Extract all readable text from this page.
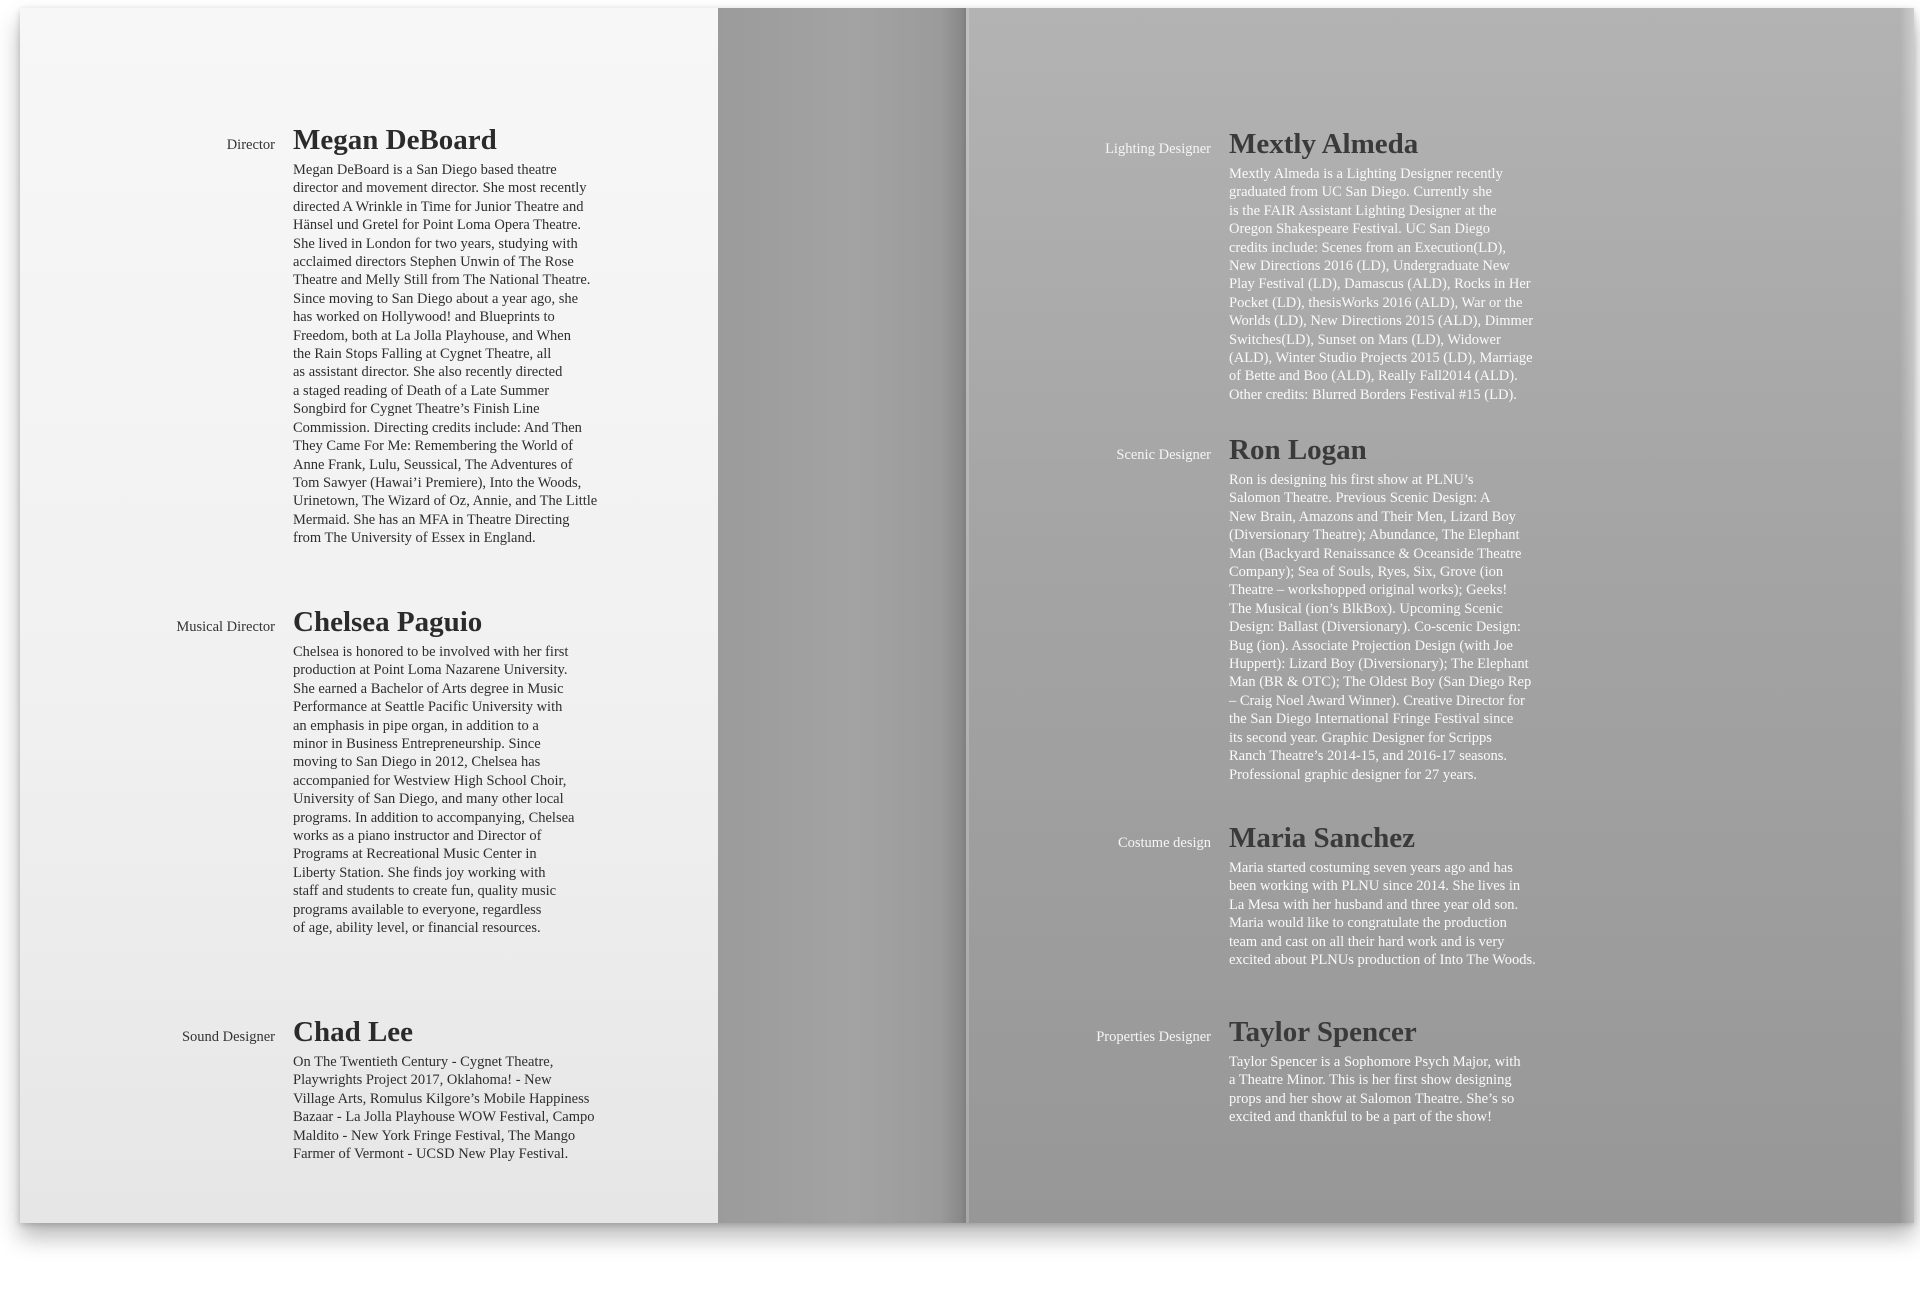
Director Megan DeBoard

Megan DeBoard is a San Diego based theatre
director and movement director. She most recently
directed A Wrinkle in Time for Junior Theatre and
Hänsel und Gretel for Point Loma Opera Theatre.
She lived in London for two years, studying with
acclaimed directors Stephen Unwin of The Rose
Theatre and Melly Still from The National Theatre.
Since moving to San Diego about a year ago, she
has worked on Hollywood! and Blueprints to
Freedom, both at La Jolla Playhouse, and When
the Rain Stops Falling at Cygnet Theatre, all
as assistant director. She also recently directed
a staged reading of Death of a Late Summer
Songbird for Cygnet Theatre’s Finish Line
Commission. Directing credits include: And Then
They Came For Me: Remembering the World of
Anne Frank, Lulu, Seussical, The Adventures of
Tom Sawyer (Hawai’i Premiere), Into the Woods,
Urinetown, The Wizard of Oz, Annie, and The Little
Mermaid. She has an MFA in Theatre Directing
from The University of Essex in England.

Musical Director Chelsea Paguio

Chelsea is honored to be involved with her first
production at Point Loma Nazarene University.
She earned a Bachelor of Arts degree in Music
Performance at Seattle Pacific University with
an emphasis in pipe organ, in addition to a
minor in Business Entrepreneurship. Since
moving to San Diego in 2012, Chelsea has
accompanied for Westview High School Choir,
University of San Diego, and many other local
programs. In addition to accompanying, Chelsea
works as a piano instructor and Director of
Programs at Recreational Music Center in
Liberty Station. She finds joy working with
staff and students to create fun, quality music
programs available to everyone, regardless
of age, ability level, or financial resources.

Sound Designer Chad Lee

On The Twentieth Century - Cygnet Theatre,
Playwrights Project 2017, Oklahoma! - New
Village Arts, Romulus Kilgore’s Mobile Happiness
Bazaar - La Jolla Playhouse WOW Festival, Campo
Maldito - New York Fringe Festival, The Mango
Farmer of Vermont - UCSD New Play Festival.

Lighting Designer Mextly Almeda

Mextly Almeda is a Lighting Designer recently
graduated from UC San Diego. Currently she
is the FAIR Assistant Lighting Designer at the
Oregon Shakespeare Festival. UC San Diego
credits include: Scenes from an Execution(LD),
New Directions 2016 (LD), Undergraduate New
Play Festival (LD), Damascus (ALD), Rocks in Her
Pocket (LD), thesisWorks 2016 (ALD), War or the
Worlds (LD), New Directions 2015 (ALD), Dimmer
Switches(LD), Sunset on Mars (LD), Widower
(ALD), Winter Studio Projects 2015 (LD), Marriage
of Bette and Boo (ALD), Really Fall2014 (ALD).
Other credits: Blurred Borders Festival #15 (LD).

Scenic Designer Ron Logan

Ron is designing his first show at PLNU’s
Salomon Theatre. Previous Scenic Design: A
New Brain, Amazons and Their Men, Lizard Boy
(Diversionary Theatre); Abundance, The Elephant
Man (Backyard Renaissance & Oceanside Theatre
Company); Sea of Souls, Ryes, Six, Grove (ion
Theatre – workshopped original works); Geeks!
The Musical (ion’s BlkBox). Upcoming Scenic
Design: Ballast (Diversionary). Co-scenic Design:
Bug (ion). Associate Projection Design (with Joe
Huppert): Lizard Boy (Diversionary); The Elephant
Man (BR & OTC); The Oldest Boy (San Diego Rep
– Craig Noel Award Winner). Creative Director for
the San Diego International Fringe Festival since
its second year. Graphic Designer for Scripps
Ranch Theatre’s 2014-15, and 2016-17 seasons.
Professional graphic designer for 27 years.

Costume design Maria Sanchez

Maria started costuming seven years ago and has
been working with PLNU since 2014. She lives in
La Mesa with her husband and three year old son.
Maria would like to congratulate the production
team and cast on all their hard work and is very
excited about PLNUs production of Into The Woods.

Properties Designer Taylor Spencer

Taylor Spencer is a Sophomore Psych Major, with
a Theatre Minor. This is her first show designing
props and her show at Salomon Theatre. She’s so
excited and thankful to be a part of the show!
